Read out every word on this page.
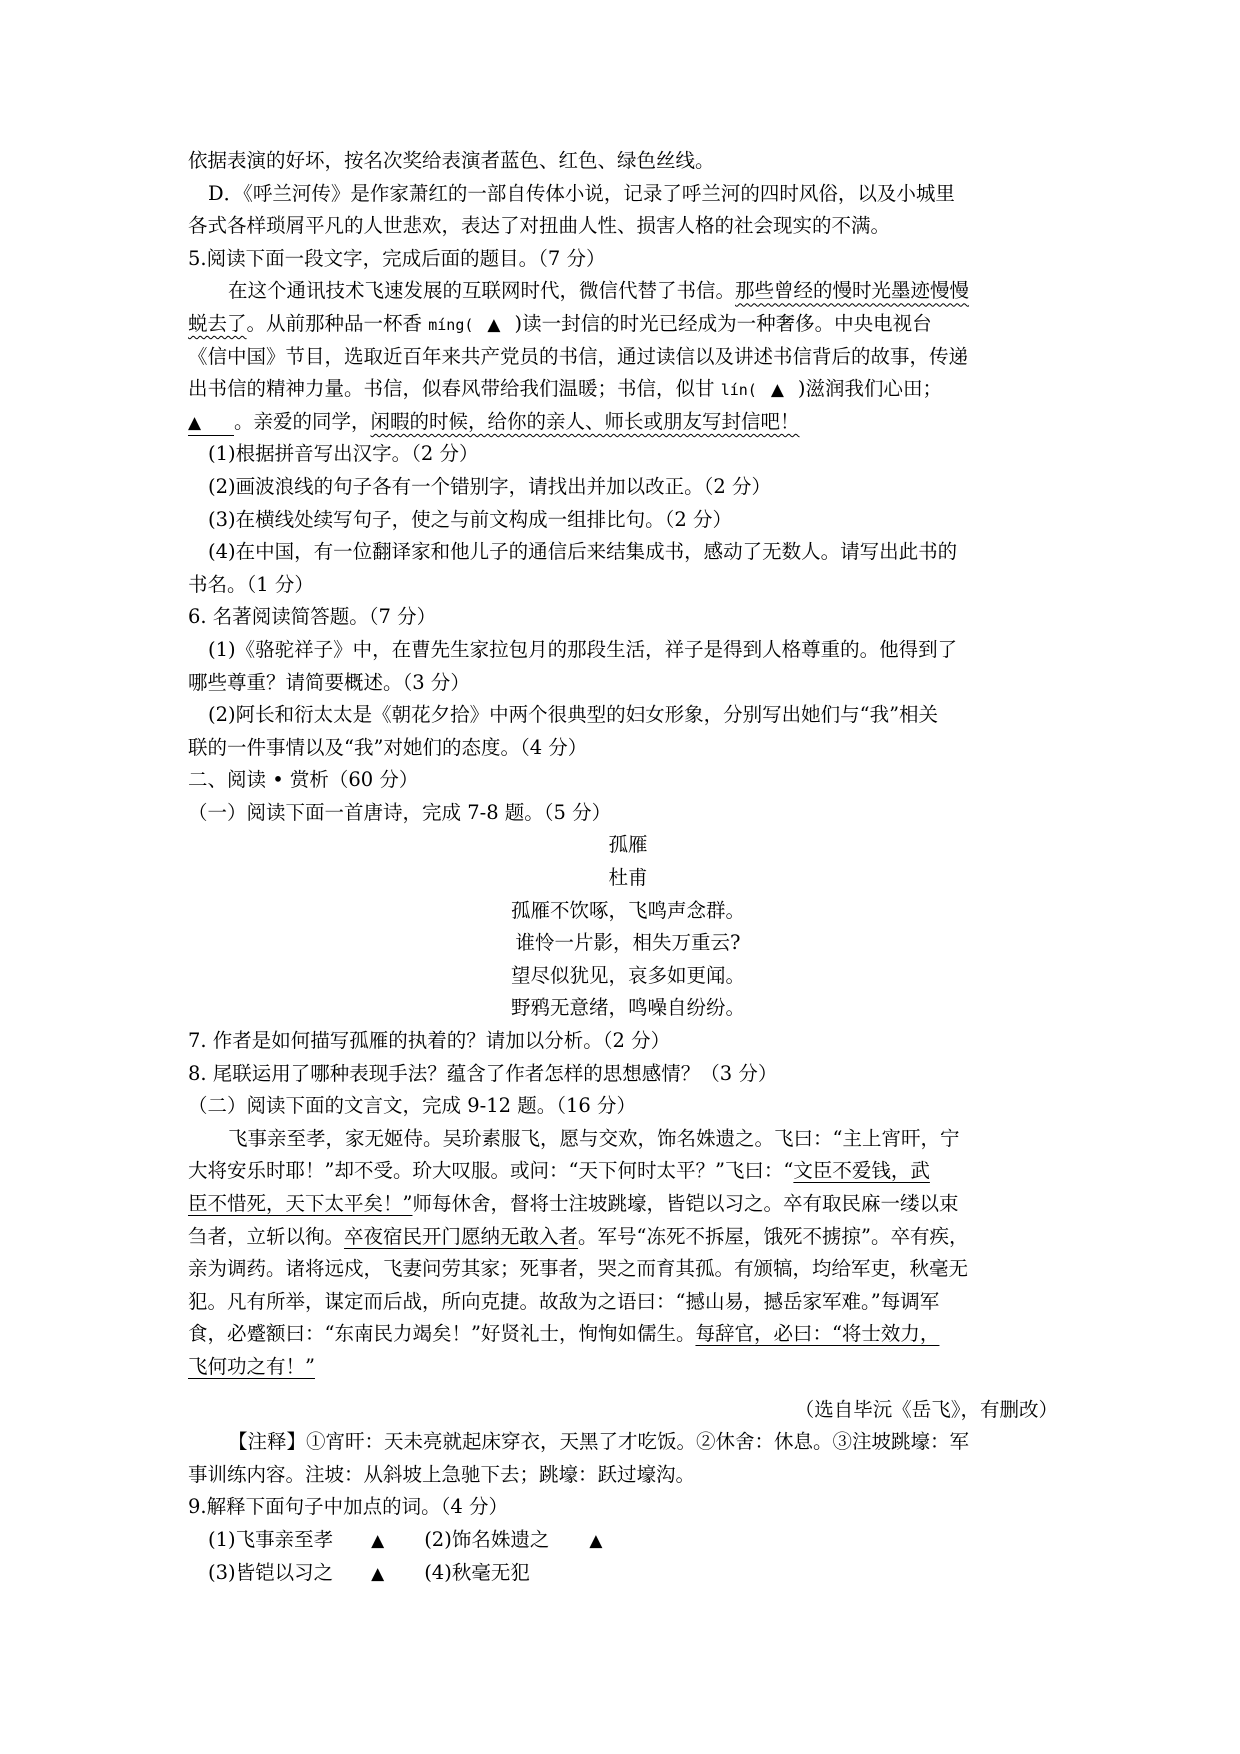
依据表演的好坏，按名次奖给表演者蓝色、红色、绿色丝线。
D．《呼兰河传》是作家萧红的一部自传体小说，记录了呼兰河的四时风俗，以及小城里
各式各样琐屑平凡的人世悲欢，表达了对扭曲人性、损害人格的社会现实的不满。
5.阅读下面一段文字，完成后面的题目。（7 分）
在这个通讯技术飞速发展的互联网时代，微信代替了书信。那些曾经的慢时光墨迹慢慢
蜕去了。从前那种品一杯香 míng( ▲ )读一封信的时光已经成为一种奢侈。中央电视台
《信中国》节目，选取近百年来共产党员的书信，通过读信以及讲述书信背后的故事，传递
出书信的精神力量。书信，似春风带给我们温暖；书信，似甘 lín( ▲ )滋润我们心田；
▲ 。亲爱的同学，闲暇的时候，给你的亲人、师长或朋友写封信吧！
(1)根据拼音写出汉字。（2 分）
(2)画波浪线的句子各有一个错别字，请找出并加以改正。（2 分）
(3)在横线处续写句子，使之与前文构成一组排比句。（2 分）
(4)在中国，有一位翻译家和他儿子的通信后来结集成书，感动了无数人。请写出此书的
书名。（1 分）
6. 名著阅读简答题。（7 分）
(1)《骆驼祥子》中，在曹先生家拉包月的那段生活，祥子是得到人格尊重的。他得到了
哪些尊重？请简要概述。（3 分）
(2)阿长和衍太太是《朝花夕拾》中两个很典型的妇女形象，分别写出她们与“我”相关
联的一件事情以及“我”对她们的态度。（4 分）
二、阅读 • 赏析（60 分）
（一）阅读下面一首唐诗，完成 7-8 题。（5 分）
孤雁
杜甫
孤雁不饮啄，飞鸣声念群。
谁怜一片影，相失万重云?
望尽似犹见，哀多如更闻。
野鸦无意绪，鸣噪自纷纷。
7. 作者是如何描写孤雁的执着的？请加以分析。（2 分）
8. 尾联运用了哪种表现手法？蕴含了作者怎样的思想感情？（3 分）
（二）阅读下面的文言文，完成 9-12 题。（16 分）
飞事亲至孝，家无姬侍。吴玠素服飞，愿与交欢，饰名姝遗之。飞曰：“主上宵旰，宁
大将安乐时耶！”却不受。玠大叹服。或问：“天下何时太平？”飞曰：“文臣不爱钱，武
臣不惜死，天下太平矣！”师每休舍，督将士注坡跳壕，皆铠以习之。卒有取民麻一缕以束
刍者，立斩以徇。卒夜宿民开门愿纳无敢入者。军号“冻死不拆屋，饿死不掳掠”。卒有疾，
亲为调药。诸将远戍，飞妻问劳其家；死事者，哭之而育其孤。有颁犒，均给军吏，秋毫无
犯。凡有所举，谋定而后战，所向克捷。故敌为之语曰：“撼山易，撼岳家军难。”每调军
食，必蹙额曰：“东南民力竭矣！”好贤礼士，恂恂如儒生。每辞官，必曰：“将士效力，
飞何功之有！”
（选自毕沅《岳飞》，有删改）
【注释】①宵旰：天未亮就起床穿衣，天黑了才吃饭。②休舍：休息。③注坡跳壕：军
事训练内容。注坡：从斜坡上急驰下去；跳壕：跃过壕沟。
9.解释下面句子中加点的词。（4 分）
(1)飞事亲至孝 ▲ (2)饰名姝遗之 ▲
(3)皆铠以习之 ▲ (4)秋毫无犯
